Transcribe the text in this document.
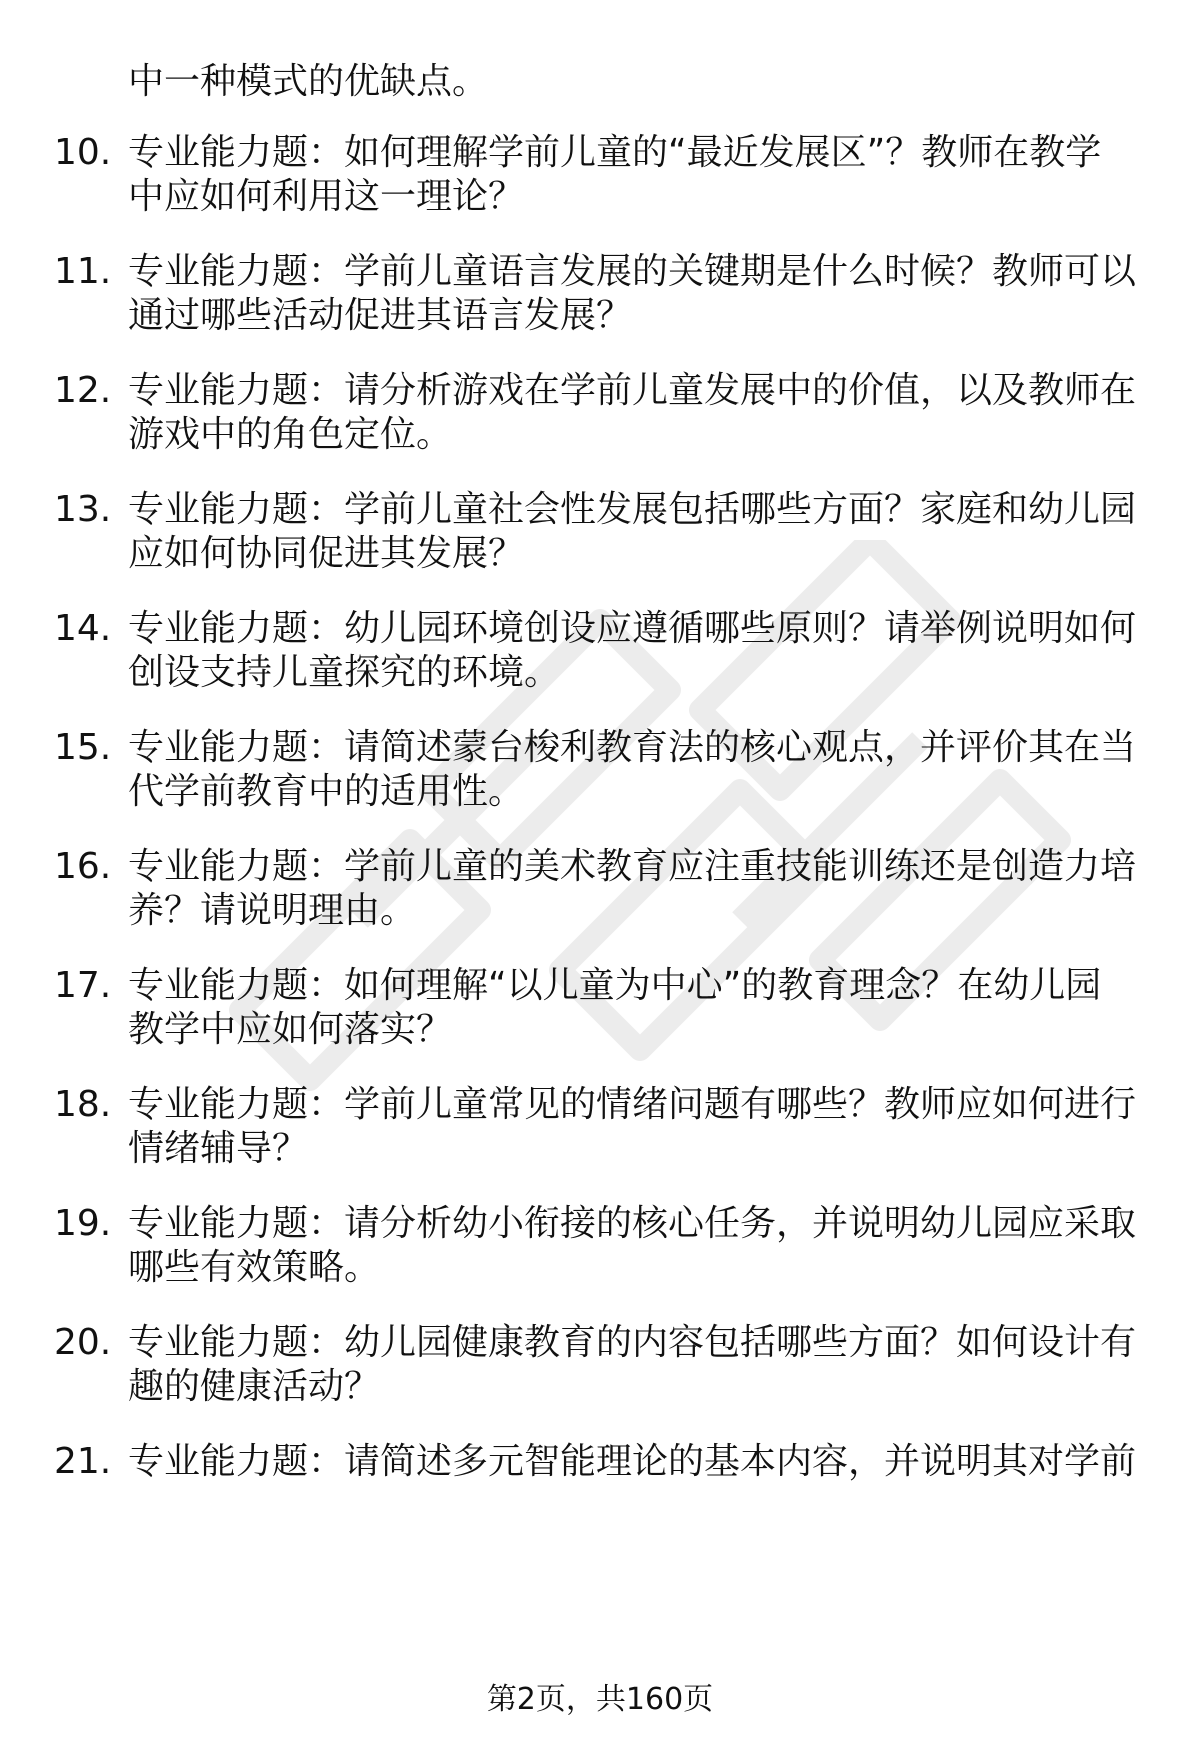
中一种模式的优缺点。
10. 专业能力题：如何理解学前儿童的“最近发展区”？教师在教学
中应如何利用这一理论？
11. 专业能力题：学前儿童语言发展的关键期是什么时候？教师可以
通过哪些活动促进其语言发展？
12. 专业能力题：请分析游戏在学前儿童发展中的价值，以及教师在
游戏中的角色定位。
13. 专业能力题：学前儿童社会性发展包括哪些方面？家庭和幼儿园
应如何协同促进其发展？
14. 专业能力题：幼儿园环境创设应遵循哪些原则？请举例说明如何
创设支持儿童探究的环境。
15. 专业能力题：请简述蒙台梭利教育法的核心观点，并评价其在当
代学前教育中的适用性。
16. 专业能力题：学前儿童的美术教育应注重技能训练还是创造力培
养？请说明理由。
17. 专业能力题：如何理解“以儿童为中心”的教育理念？在幼儿园
教学中应如何落实？
18. 专业能力题：学前儿童常见的情绪问题有哪些？教师应如何进行
情绪辅导？
19. 专业能力题：请分析幼小衔接的核心任务，并说明幼儿园应采取
哪些有效策略。
20. 专业能力题：幼儿园健康教育的内容包括哪些方面？如何设计有
趣的健康活动？
21. 专业能力题：请简述多元智能理论的基本内容，并说明其对学前
第2页，共160页
